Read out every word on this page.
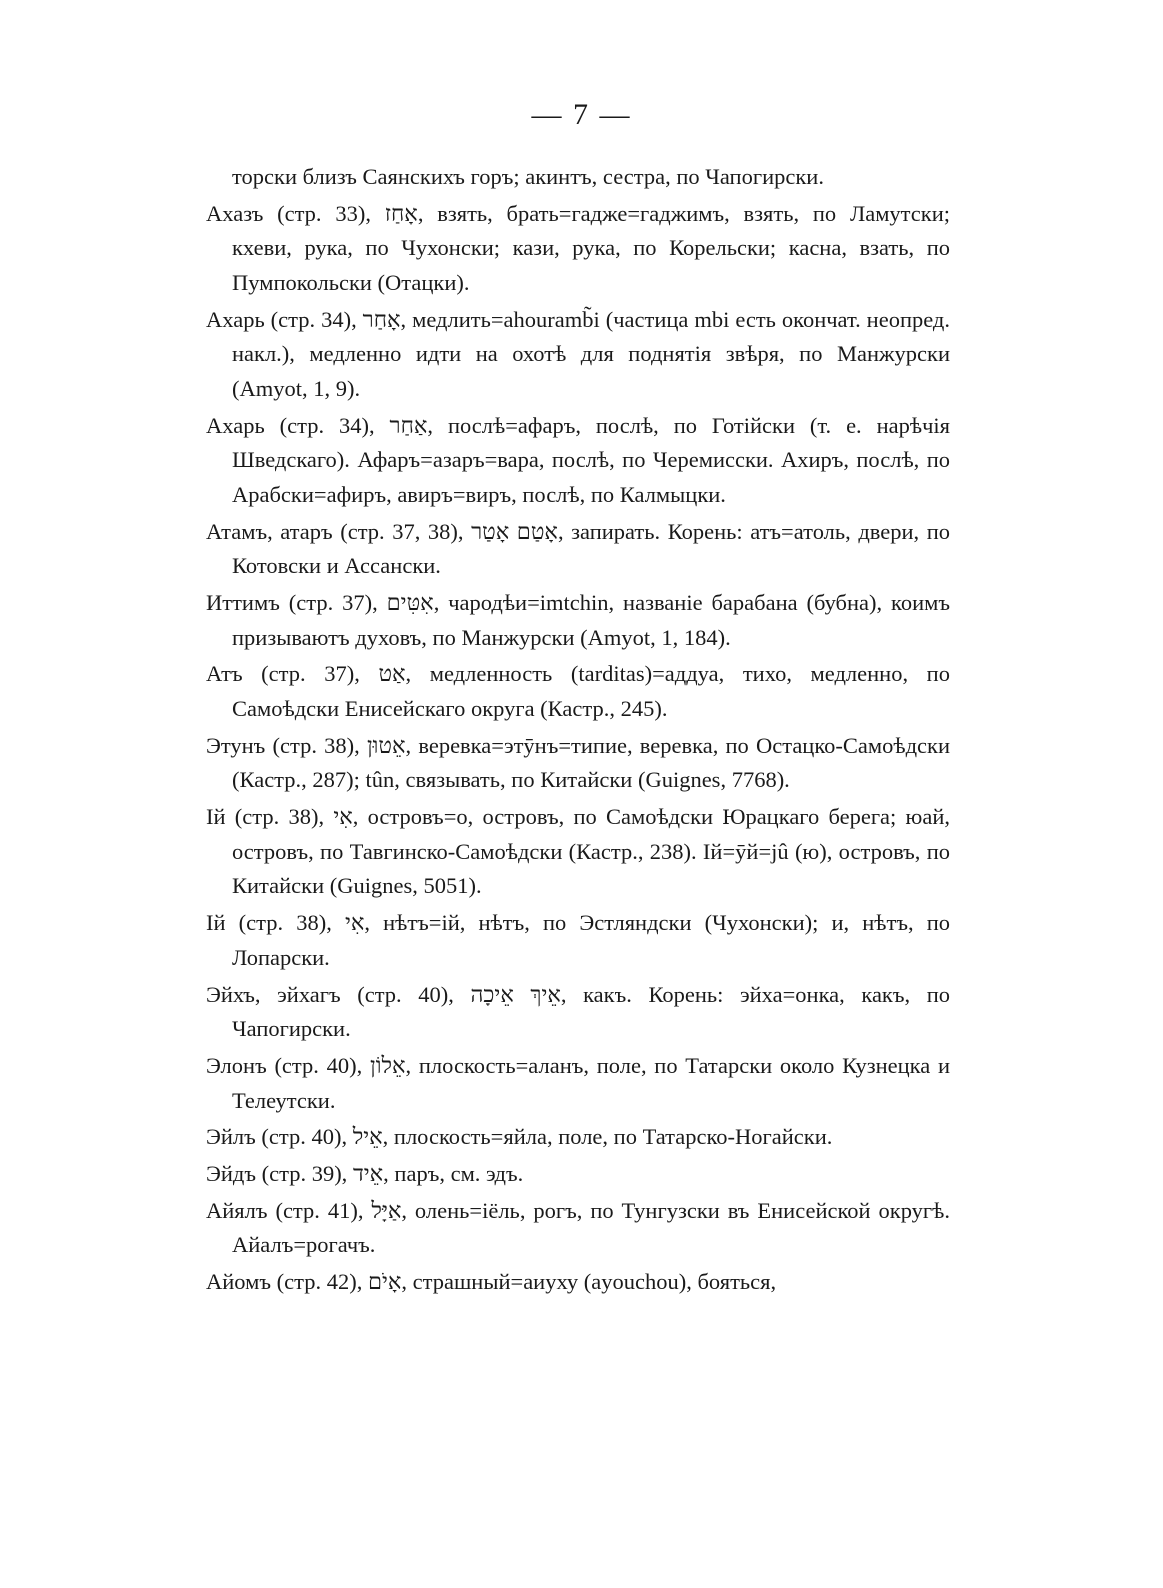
— 7 —

торски близъ Саянскихъ горъ; акинтъ, сестра, по Чапогирски.

Ахазъ (стр. 33), אָחַז, взять, брать=гадже=гаджимъ, взять, по Ламутски; кхеви, рука, по Чухонски; кази, рука, по Корельски; касна, взать, по Пумпокольски (Отацки).

Ахарь (стр. 34), אָחַר, медлить=ahouramb̃i (частица mbi есть окончат. неопред. накл.), медленно идти на охотѣ для поднятія звѣря, по Манжурски (Amyot, 1, 9).

Ахарь (стр. 34), אַחַר, послѣ=афаръ, послѣ, по Готійски (т. е. нарѣчія Шведскаго). Афаръ=азаръ=вара, послѣ, по Черемисски. Ахиръ, послѣ, по Арабски=афиръ, авиръ=виръ, послѣ, по Калмыцки.

Атамъ, атаръ (стр. 37, 38), אָטַם אָטַר, запирать. Корень: атъ=атоль, двери, по Котовски и Ассански.

Иттимъ (стр. 37), אִטִּים, чародѣи=imtchin, названіе барабана (бубна), коимъ призываютъ духовъ, по Манжурски (Amyot, 1, 184).

Атъ (стр. 37), אַט, медленность (tarditas)=аддуа, тихо, медленно, по Самоѣдски Енисейскаго округа (Кастр., 245).

Этунъ (стр. 38), אֵטוּן, веревка=этӯнъ=типие, веревка, по Остацко-Самоѣдски (Кастр., 287); tûn, связывать, по Китайски (Guignes, 7768).

Ій (стр. 38), אִי, островъ=о, островъ, по Самоѣдски Юрацкаго берега; юай, островъ, по Тавгинско-Самоѣдски (Кастр., 238). Ій=ӯй=jû (ю), островъ, по Китайски (Guignes, 5051).

Ій (стр. 38), אִי, нѣтъ=ій, нѣтъ, по Эстляндски (Чухонски); и, нѣтъ, по Лопарски.

Эйхъ, эйхагъ (стр. 40), אֵיךְ אֵיכָה, какъ. Корень: эйха=онка, какъ, по Чапогирски.

Элонъ (стр. 40), אֵלוֹן, плоскость=аланъ, поле, по Татарски около Кузнецка и Телеутски.

Эйлъ (стр. 40), אֵיל, плоскость=яйла, поле, по Татарско-Ногайски.

Эйдъ (стр. 39), אֵיד, паръ, см. эдъ.

Айялъ (стр. 41), אַיָּל, олень=іёль, рогъ, по Тунгузски въ Енисейской округѣ. Айалъ=рогачъ.

Айомъ (стр. 42), אָיֹם, страшный=аиуху (ayouchou), бояться,
